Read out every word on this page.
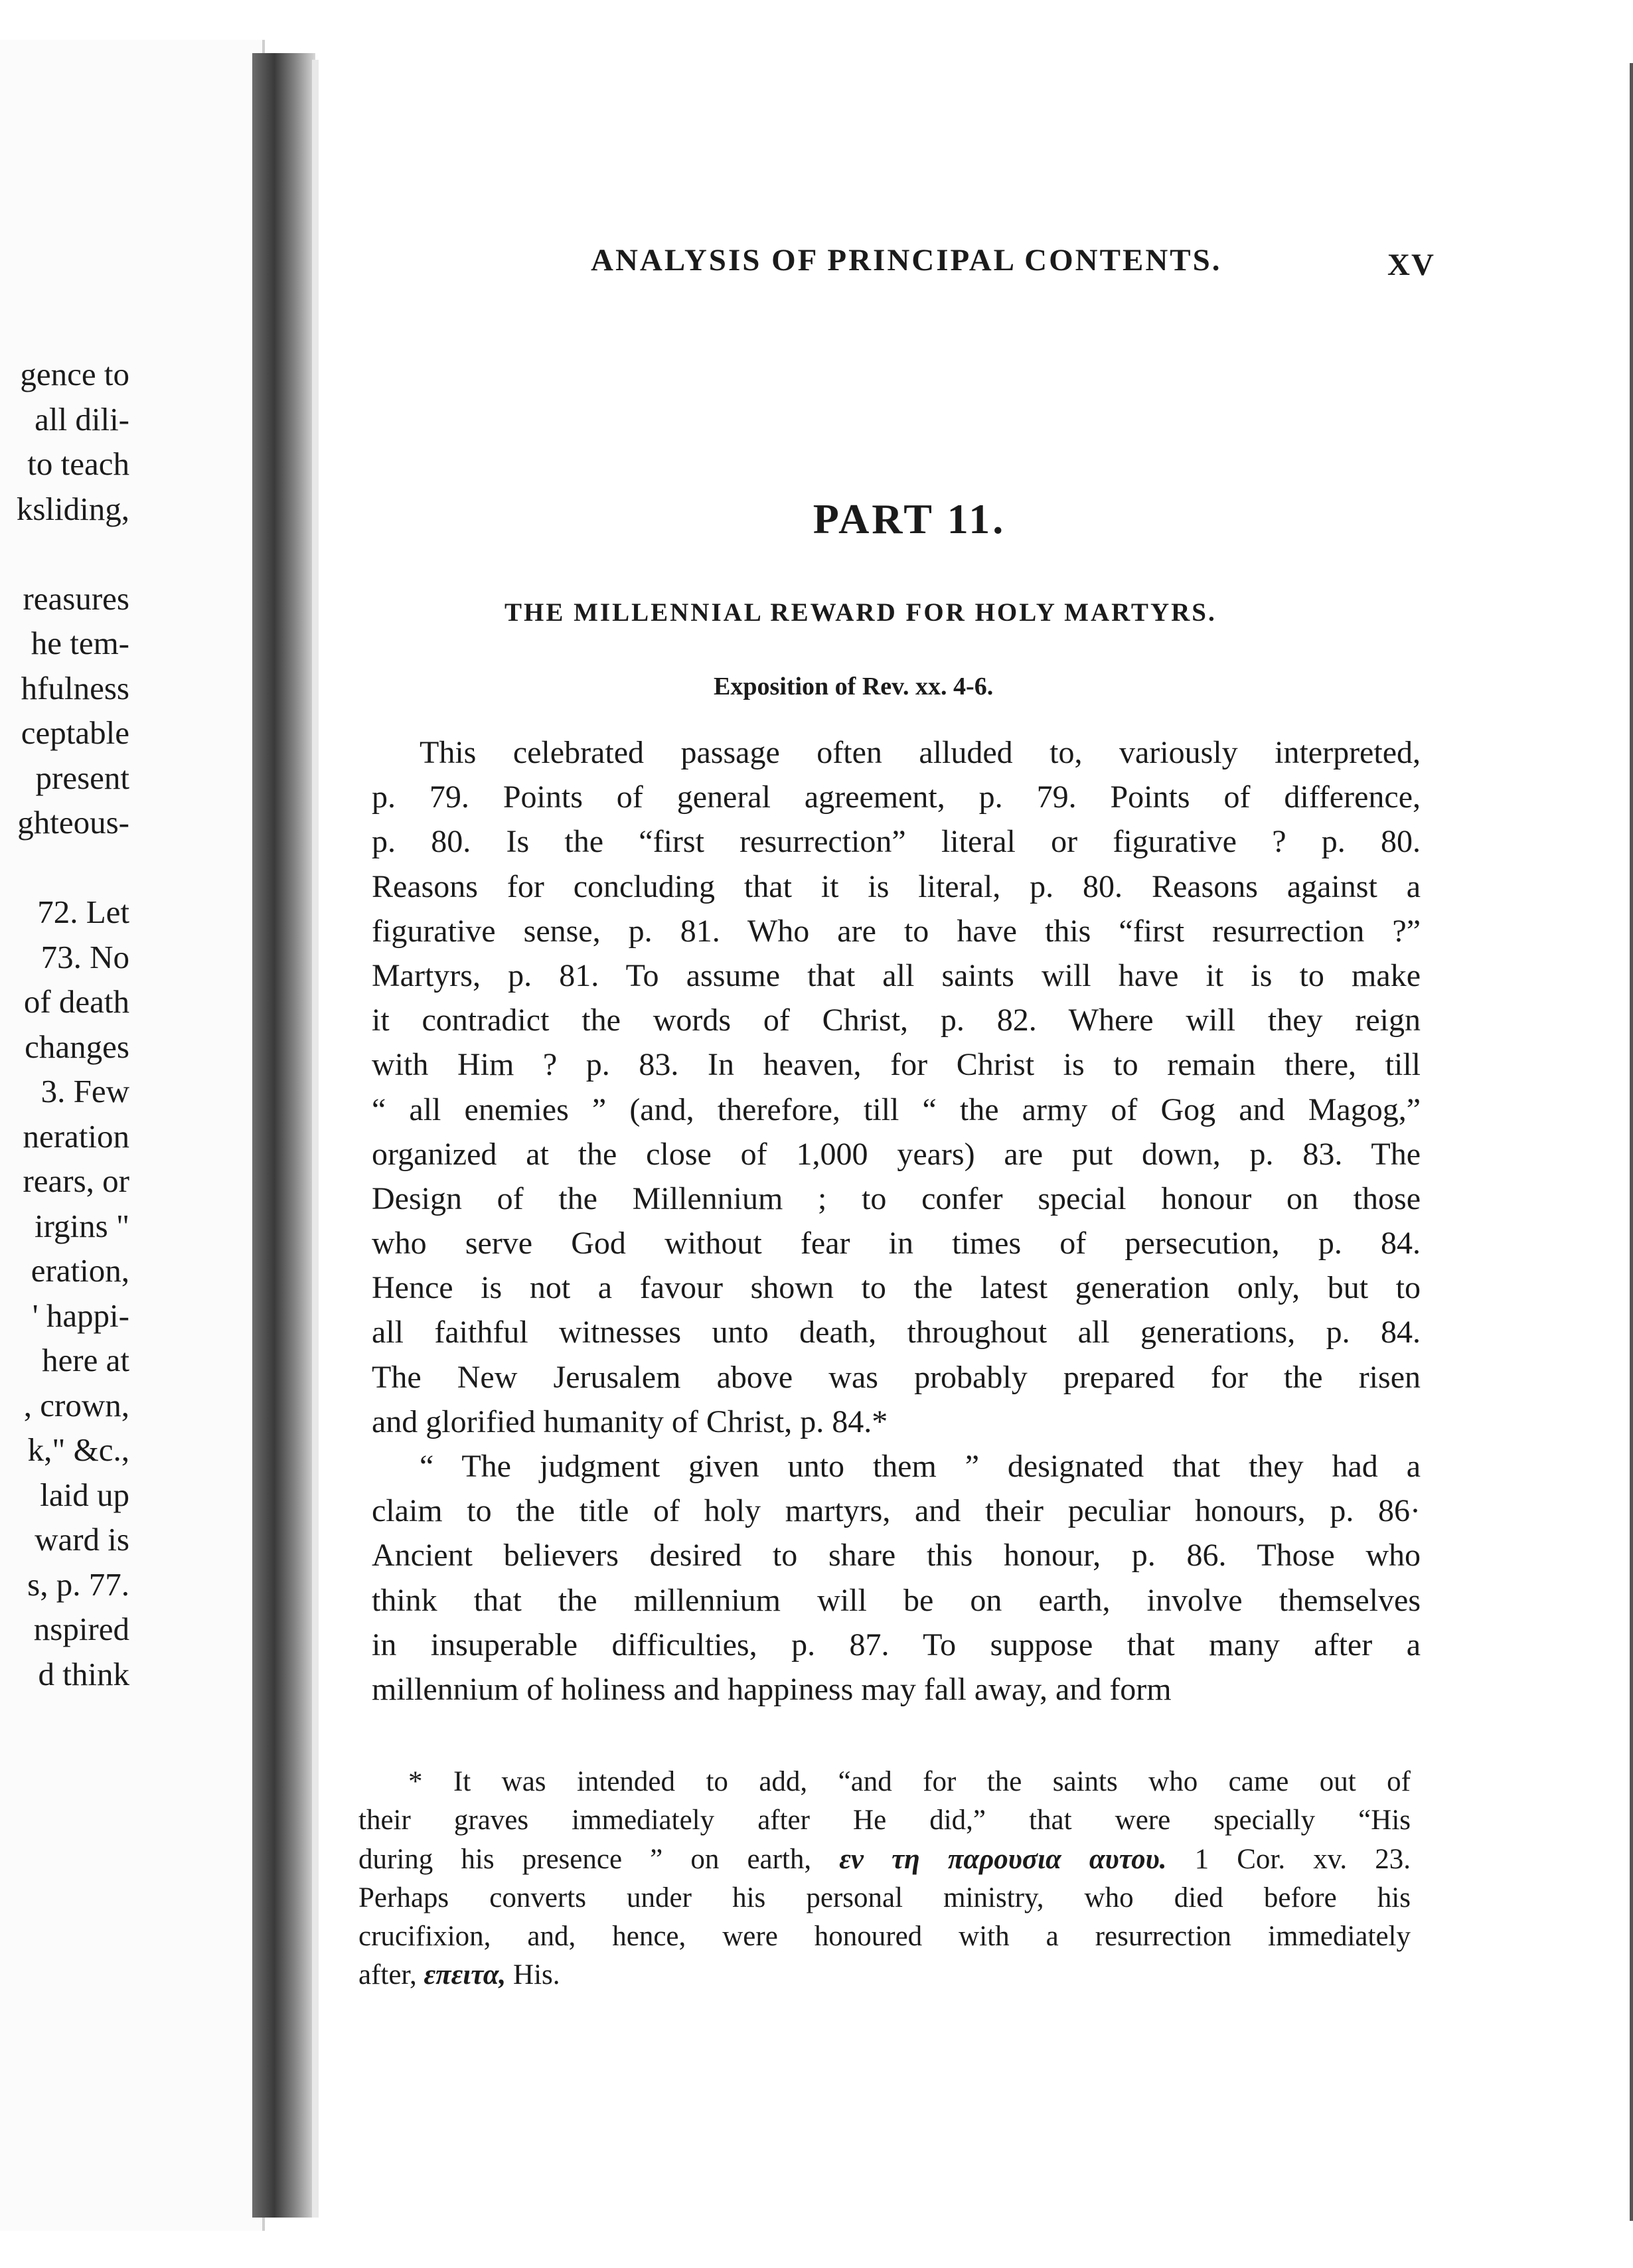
gence to
all dili-
to teach
ksliding,
reasures
he tem-
hfulness
ceptable
present
ghteous-
72. Let
73. No
of death
changes
3. Few
neration
rears, or
irgins "
eration,
' happi-
here at
, crown,
k," &c.,
laid up
ward is
s, p. 77.
nspired
d think
ANALYSIS OF PRINCIPAL CONTENTS.	XV
PART 11.
THE MILLENNIAL REWARD FOR HOLY MARTYRS.
Exposition of Rev. xx. 4-6.
This celebrated passage often alluded to, variously interpreted,
p. 79. Points of general agreement, p. 79. Points of difference,
p. 80. Is the “first resurrection” literal or figurative ? p. 80.
Reasons for concluding that it is literal, p. 80. Reasons against a
figurative sense, p. 81. Who are to have this “first resurrection ?”
Martyrs, p. 81. To assume that all saints will have it is to make
it contradict the words of Christ, p. 82. Where will they reign
with Him ? p. 83. In heaven, for Christ is to remain there, till
“ all enemies ” (and, therefore, till “ the army of Gog and Magog,”
organized at the close of 1,000 years) are put down, p. 83. The
Design of the Millennium ; to confer special honour on those
who serve God without fear in times of persecution, p. 84.
Hence is not a favour shown to the latest generation only, but to
all faithful witnesses unto death, throughout all generations, p. 84.
The New Jerusalem above was probably prepared for the risen
and glorified humanity of Christ, p. 84.*
“ The judgment given unto them ” designated that they had a
claim to the title of holy martyrs, and their peculiar honours, p. 86·
Ancient believers desired to share this honour, p. 86. Those who
think that the millennium will be on earth, involve themselves
in insuperable difficulties, p. 87. To suppose that many after a
millennium of holiness and happiness may fall away, and form
* It was intended to add, “and for the saints who came out of
their graves immediately after He did,” that were specially “His
during his presence ” on earth, εν τη παρουσια αυτου. 1 Cor. xv. 23.
Perhaps converts under his personal ministry, who died before his
crucifixion, and, hence, were honoured with a resurrection immediately
after, επειτα, His.
